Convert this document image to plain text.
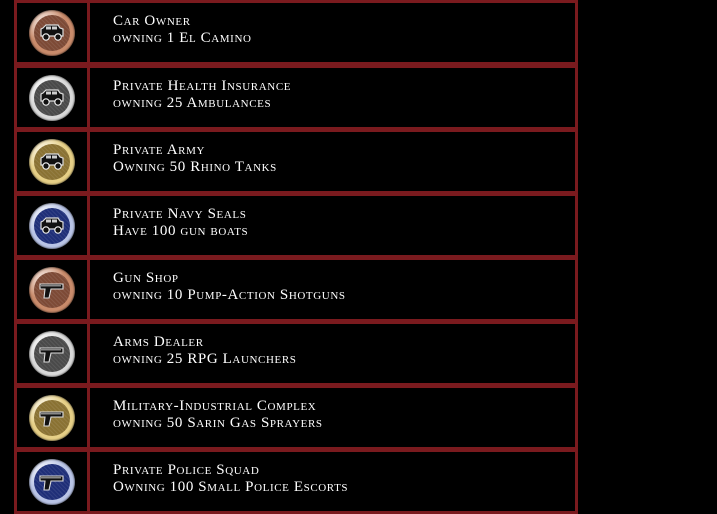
Car Owner
owning 1 El Camino
Private Health Insurance
owning 25 Ambulances
Private Army
Owning 50 Rhino Tanks
Private Navy Seals
Have 100 gun boats
Gun Shop
owning 10 Pump-Action Shotguns
Arms Dealer
owning 25 RPG Launchers
Military-Industrial Complex
owning 50 Sarin Gas Sprayers
Private Police Squad
Owning 100 Small Police Escorts
